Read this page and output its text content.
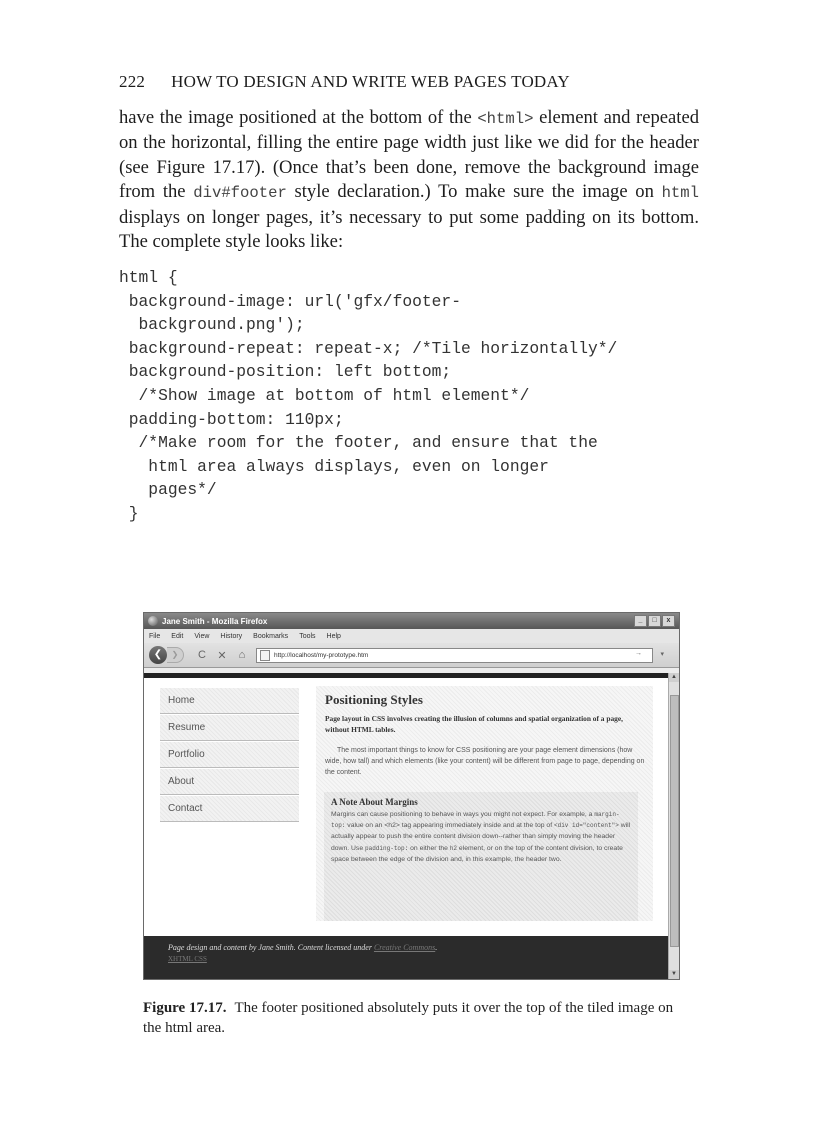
222 HOW TO DESIGN AND WRITE WEB PAGES TODAY

have the image positioned at the bottom of the <html> element and repeated on the horizontal, filling the entire page width just like we did for the header (see Figure 17.17). (Once that’s been done, remove the background image from the div#footer style declaration.) To make sure the image on html displays on longer pages, it’s necessary to put some padding on its bottom. The complete style looks like:

html {
background-image: url('gfx/footer-
background.png');
background-repeat: repeat-x; /*Tile horizontally*/
background-position: left bottom;
/*Show image at bottom of html element*/
padding-bottom: 110px;
/*Make room for the footer, and ensure that the
html area always displays, even on longer
pages*/
}
Jane Smith - Mozilla Firefox	_	□	x
File Edit View History Bookmarks Tools Help
❮	❯	C	✕	⌂	http://localhost/my-prototype.htm	→	▾
Home
Resume
Portfolio
About
Contact
Positioning Styles
Page layout in CSS involves creating the illusion of columns and spatial organization of a page, without HTML tables.
The most important things to know for CSS positioning are your page element dimensions (how wide, how tall) and which elements (like your content) will be different from page to page, depending on the content.
A Note About Margins
Margins can cause positioning to behave in ways you might not expect. For example, a margin-top: value on an <h2> tag appearing immediately inside and at the top of <div id="content"> will actually appear to push the entire content division down--rather than simply moving the header down. Use padding-top: on either the h2 element, or on the top of the content division, to create space between the edge of the division and, in this example, the header two.
Page design and content by Jane Smith. Content licensed under Creative Commons.
XHTML CSS
▲
▼
Figure 17.17. The footer positioned absolutely puts it over the top of the tiled image on the html area.
